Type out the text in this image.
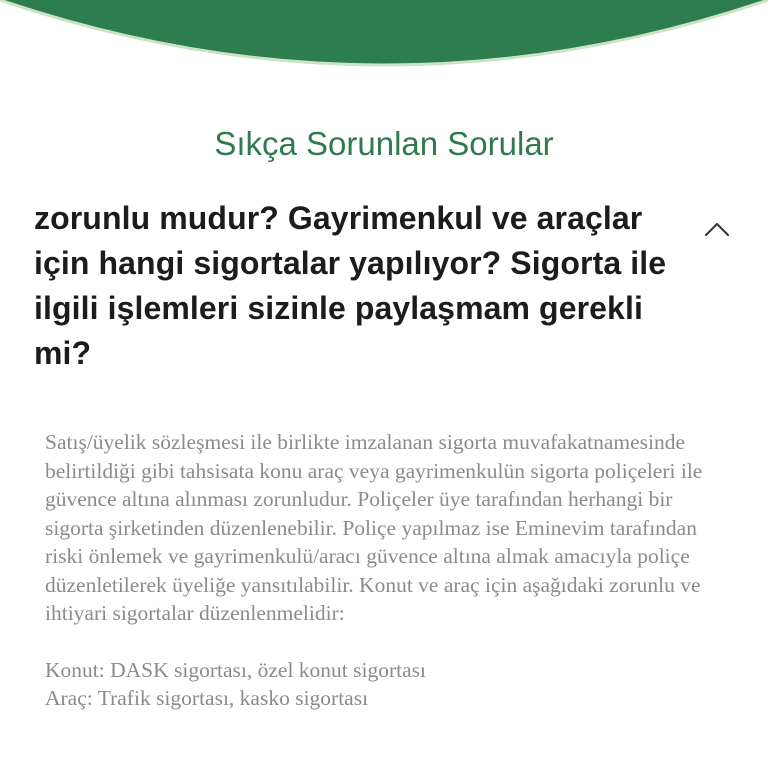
Sıkça Sorunlan Sorular

zorunlu mudur? Gayrimenkul ve araçlar için hangi sigortalar yapılıyor? Sigorta ile ilgili işlemleri sizinle paylaşmam gerekli mi?

Satış/üyelik sözleşmesi ile birlikte imzalanan sigorta muvafakatnamesinde belirtildiği gibi tahsisata konu araç veya gayrimenkulün sigorta poliçeleri ile güvence altına alınması zorunludur. Poliçeler üye tarafından herhangi bir sigorta şirketinden düzenlenebilir. Poliçe yapılmaz ise Eminevim tarafından riski önlemek ve gayrimenkulü/aracı güvence altına almak amacıyla poliçe düzenletilerek üyeliğe yansıtılabilir. Konut ve araç için aşağıdaki zorunlu ve ihtiyari sigortalar düzenlenmelidir:

Konut: DASK sigortası, özel konut sigortası

Araç: Trafik sigortası, kasko sigortası
